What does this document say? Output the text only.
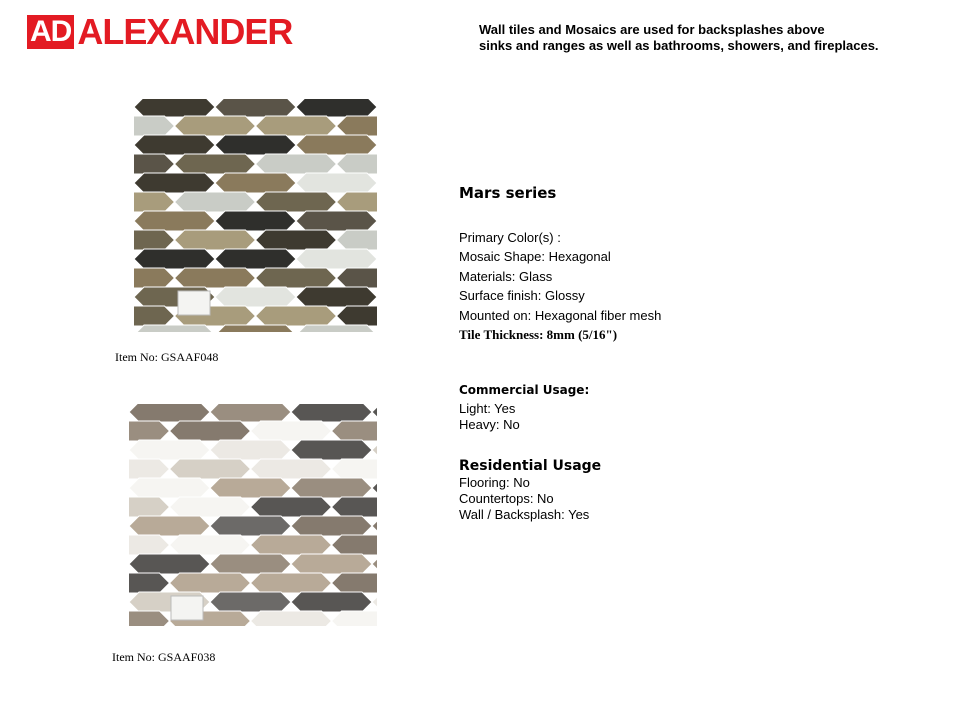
AD ALEXANDER	Wall tiles and Mosaics are used for backsplashes above
sinks and ranges as well as bathrooms, showers, and fireplaces.
Item No: GSAAF048
Item No: GSAAF038
Mars series
Primary Color(s) :
Mosaic Shape: Hexagonal
Materials: Glass
Surface finish: Glossy
Mounted on: Hexagonal fiber mesh
Tile Thickness: 8mm (5/16")
Commercial Usage:
Light: Yes
Heavy: No
Residential Usage
Flooring: No
Countertops: No
Wall / Backsplash: Yes
